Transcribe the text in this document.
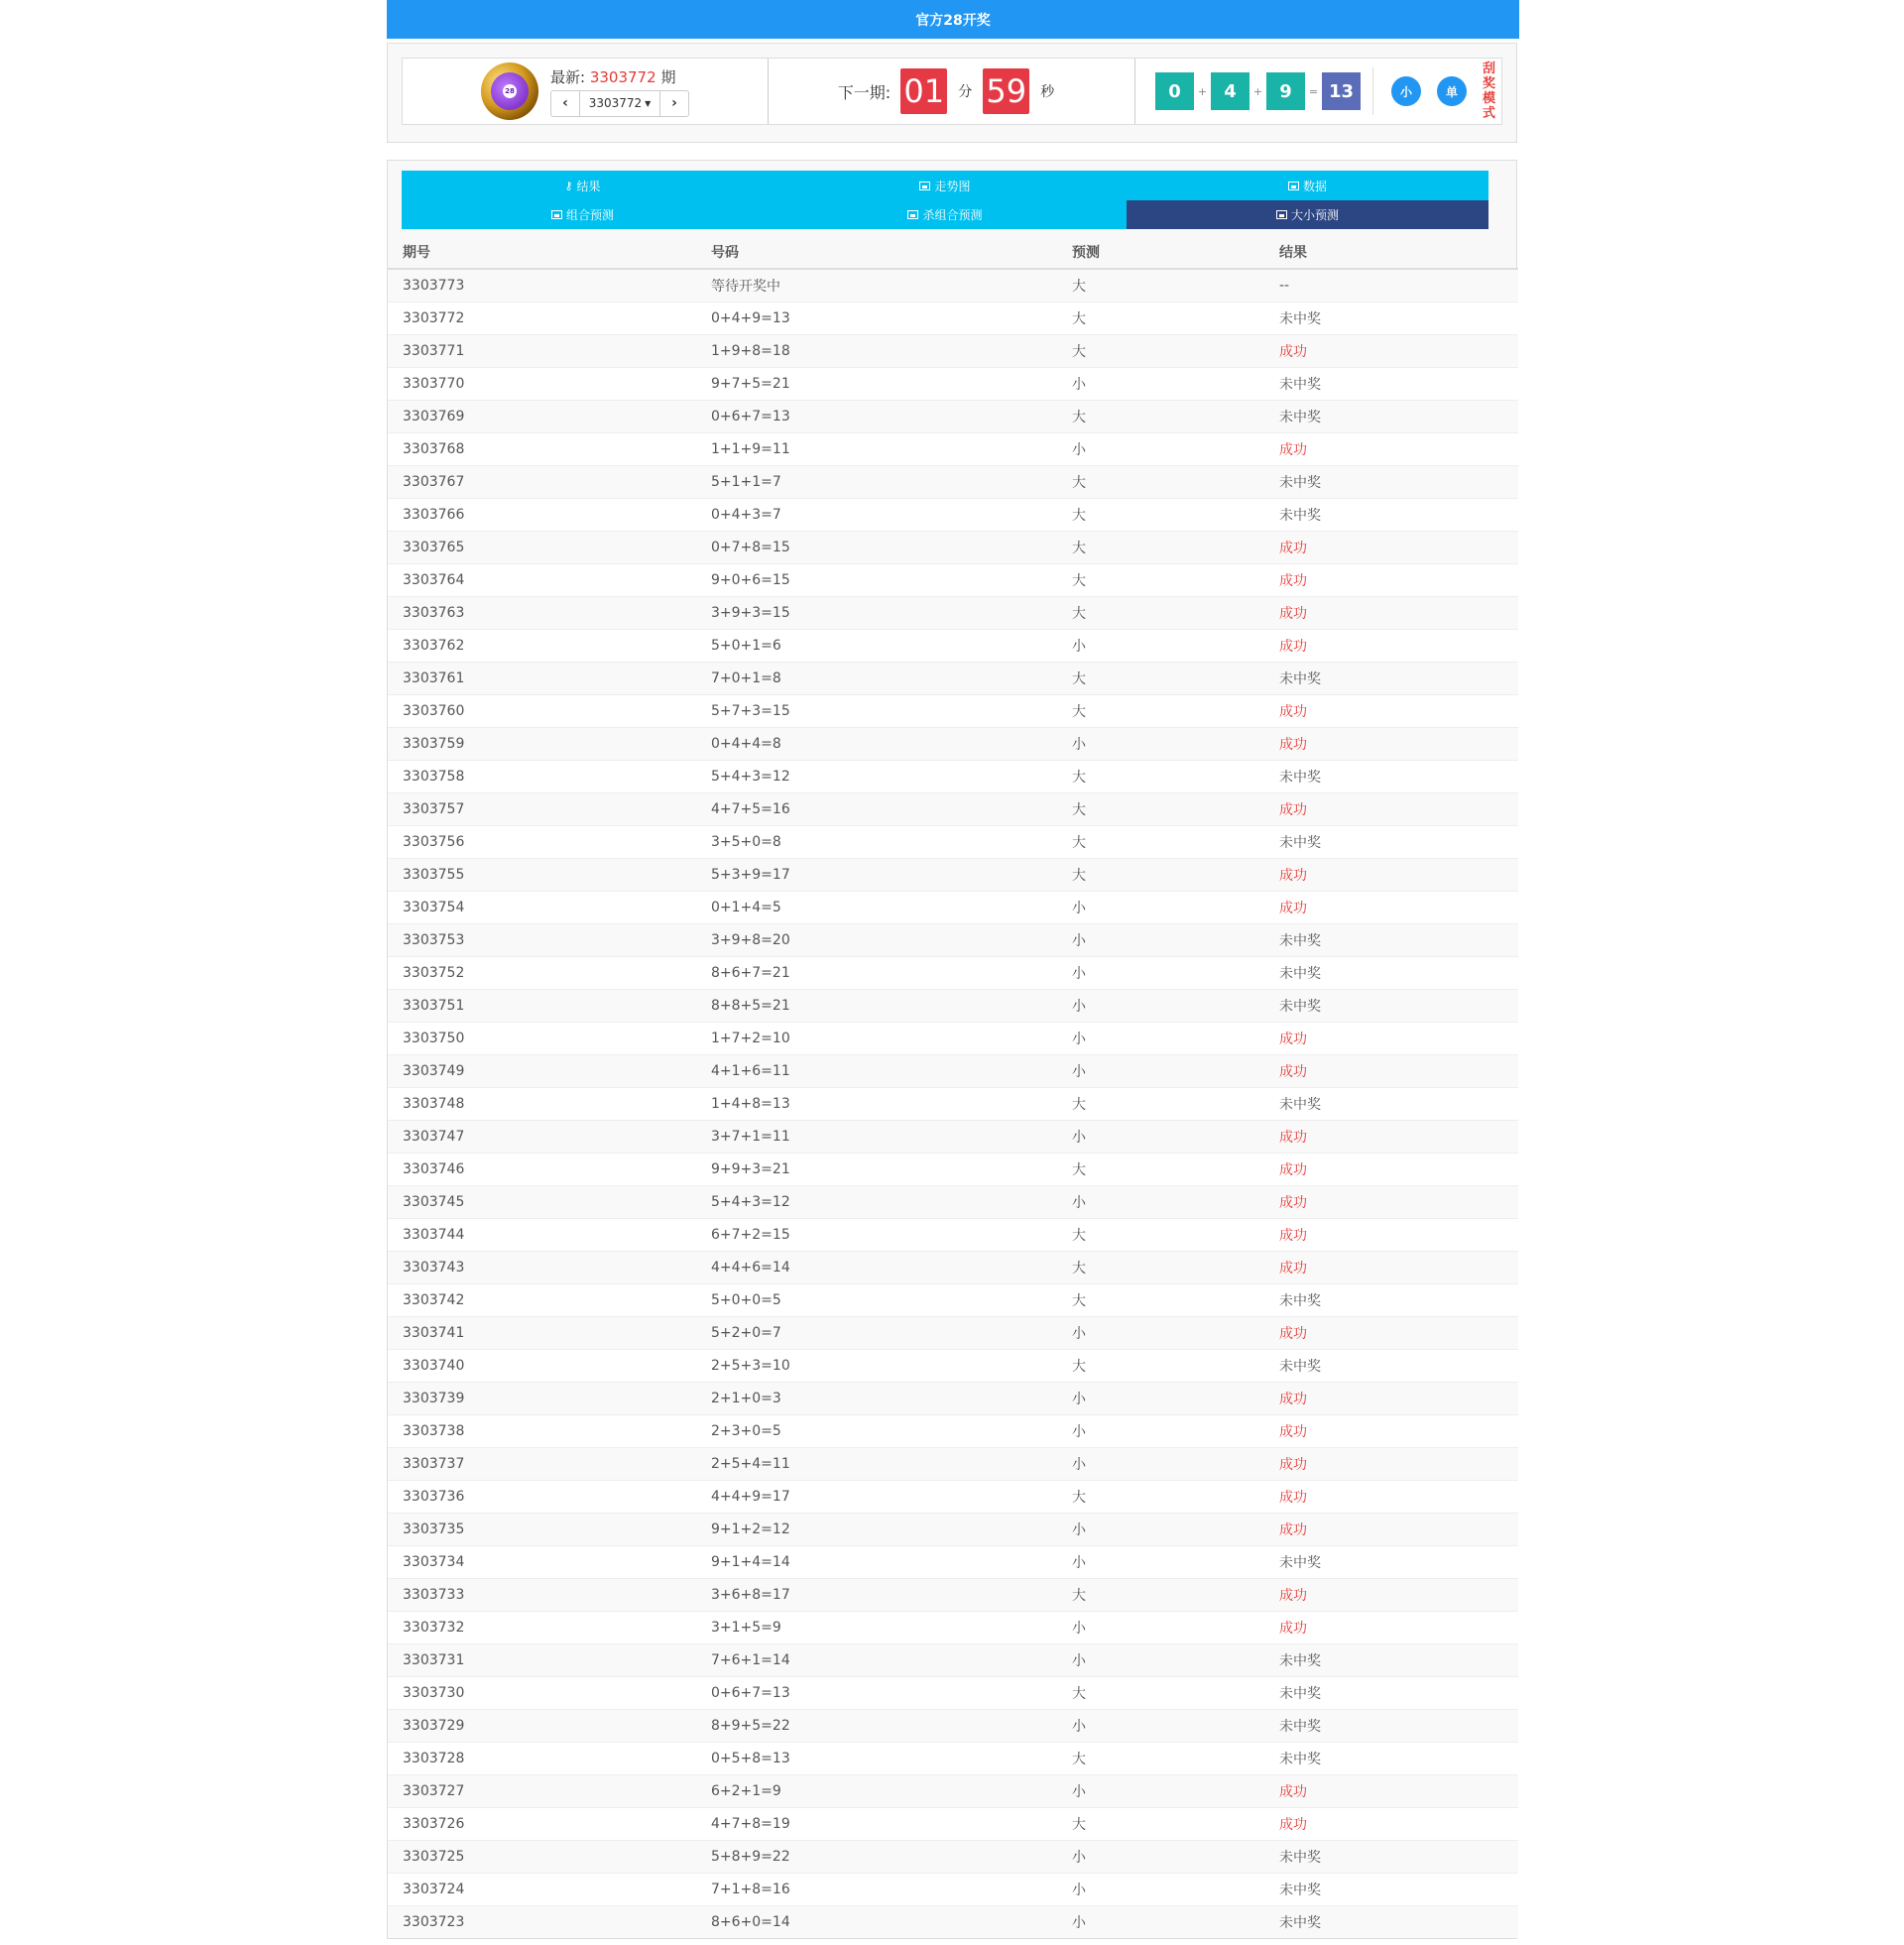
官方28开奖
28
最新: 3303772 期
‹ 3303772 ▼ ›
下一期: 01 分 59 秒	0	+ 4	+ 9	= 13	小	单
刮奖模式
⚷ 结果	走势图	数据
组合预测	杀组合预测	大小预测
期号	号码	预测	结果
3303773	等待开奖中	大	--
3303772	0+4+9=13	大	未中奖
3303771	1+9+8=18	大	成功
3303770	9+7+5=21	小	未中奖
3303769	0+6+7=13	大	未中奖
3303768	1+1+9=11	小	成功
3303767	5+1+1=7	大	未中奖
3303766	0+4+3=7	大	未中奖
3303765	0+7+8=15	大	成功
3303764	9+0+6=15	大	成功
3303763	3+9+3=15	大	成功
3303762	5+0+1=6	小	成功
3303761	7+0+1=8	大	未中奖
3303760	5+7+3=15	大	成功
3303759	0+4+4=8	小	成功
3303758	5+4+3=12	大	未中奖
3303757	4+7+5=16	大	成功
3303756	3+5+0=8	大	未中奖
3303755	5+3+9=17	大	成功
3303754	0+1+4=5	小	成功
3303753	3+9+8=20	小	未中奖
3303752	8+6+7=21	小	未中奖
3303751	8+8+5=21	小	未中奖
3303750	1+7+2=10	小	成功
3303749	4+1+6=11	小	成功
3303748	1+4+8=13	大	未中奖
3303747	3+7+1=11	小	成功
3303746	9+9+3=21	大	成功
3303745	5+4+3=12	小	成功
3303744	6+7+2=15	大	成功
3303743	4+4+6=14	大	成功
3303742	5+0+0=5	大	未中奖
3303741	5+2+0=7	小	成功
3303740	2+5+3=10	大	未中奖
3303739	2+1+0=3	小	成功
3303738	2+3+0=5	小	成功
3303737	2+5+4=11	小	成功
3303736	4+4+9=17	大	成功
3303735	9+1+2=12	小	成功
3303734	9+1+4=14	小	未中奖
3303733	3+6+8=17	大	成功
3303732	3+1+5=9	小	成功
3303731	7+6+1=14	小	未中奖
3303730	0+6+7=13	大	未中奖
3303729	8+9+5=22	小	未中奖
3303728	0+5+8=13	大	未中奖
3303727	6+2+1=9	小	成功
3303726	4+7+8=19	大	成功
3303725	5+8+9=22	小	未中奖
3303724	7+1+8=16	小	未中奖
3303723	8+6+0=14	小	未中奖
